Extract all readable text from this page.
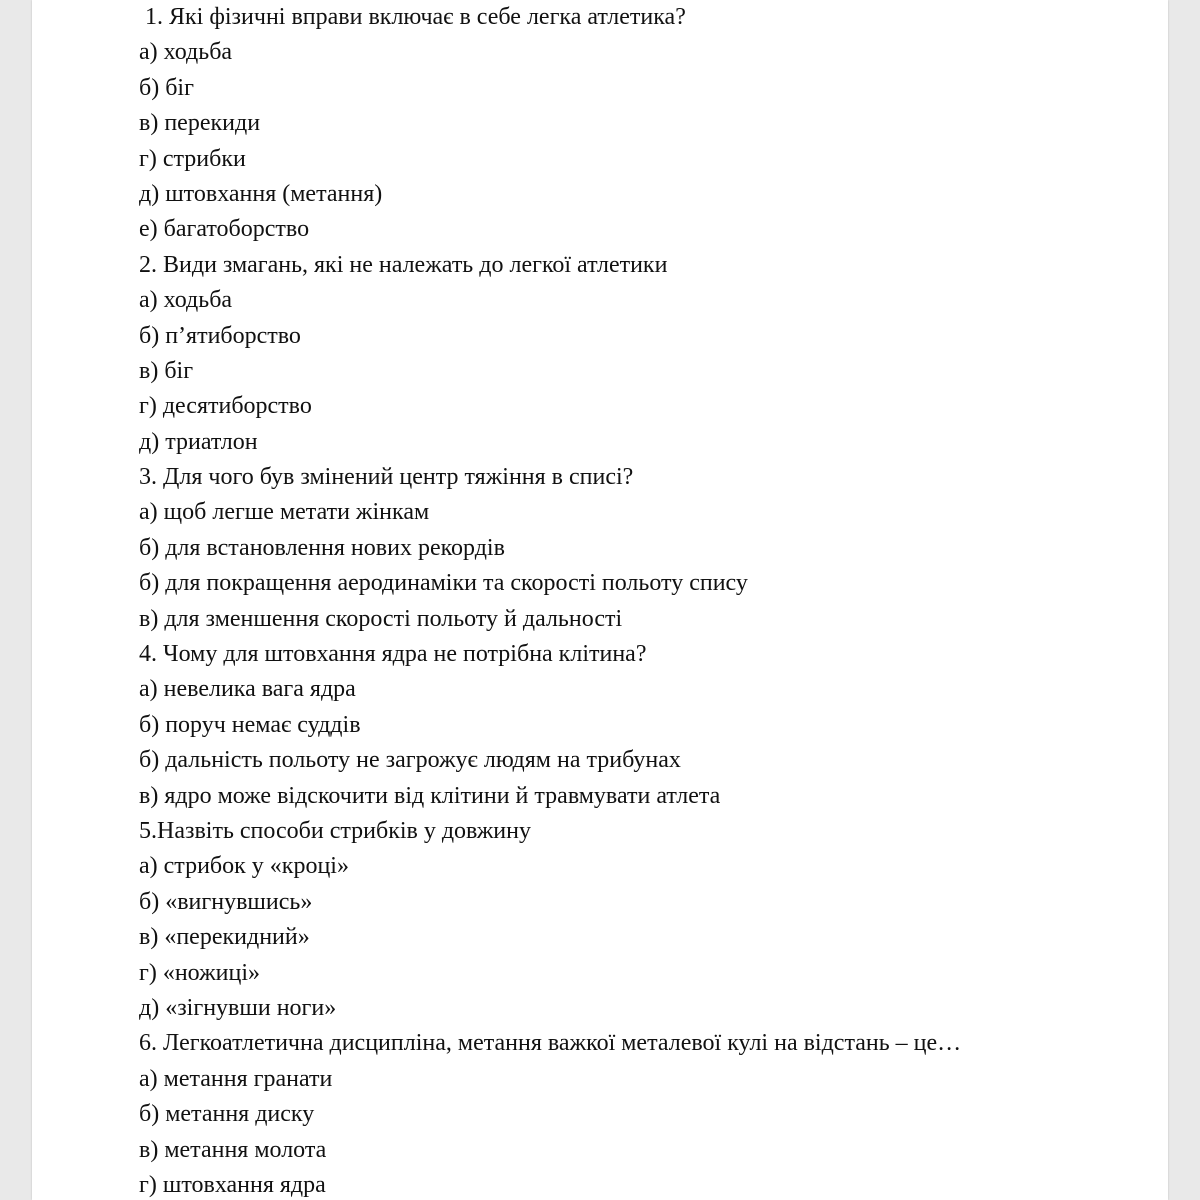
1. Які фізичні вправи включає в себе легка атлетика?
а) ходьба
б) біг
в) перекиди
г) стрибки
д) штовхання (метання)
е) багатоборство
2. Види змагань, які не належать до легкої атлетики
а) ходьба
б) п’ятиборство
в) біг
г) десятиборство
д) триатлон
3. Для чого був змінений центр тяжіння в списі?
а) щоб легше метати жінкам
б) для встановлення нових рекордів
б) для покращення аеродинаміки та скорості польоту спису
в) для зменшення скорості польоту й дальності
4. Чому для штовхання ядра не потрібна клітина?
а) невелика вага ядра
б) поруч немає суддів
б) дальність польоту не загрожує людям на трибунах
в) ядро може відскочити від клітини й травмувати атлета
5.Назвіть способи стрибків у довжину
а) стрибок у «кроці»
б) «вигнувшись»
в) «перекидний»
г) «ножиці»
д) «зігнувши ноги»
6. Легкоатлетична дисципліна, метання важкої металевої кулі на відстань – це…
а) метання гранати
б) метання диску
в) метання молота
г) штовхання ядра
